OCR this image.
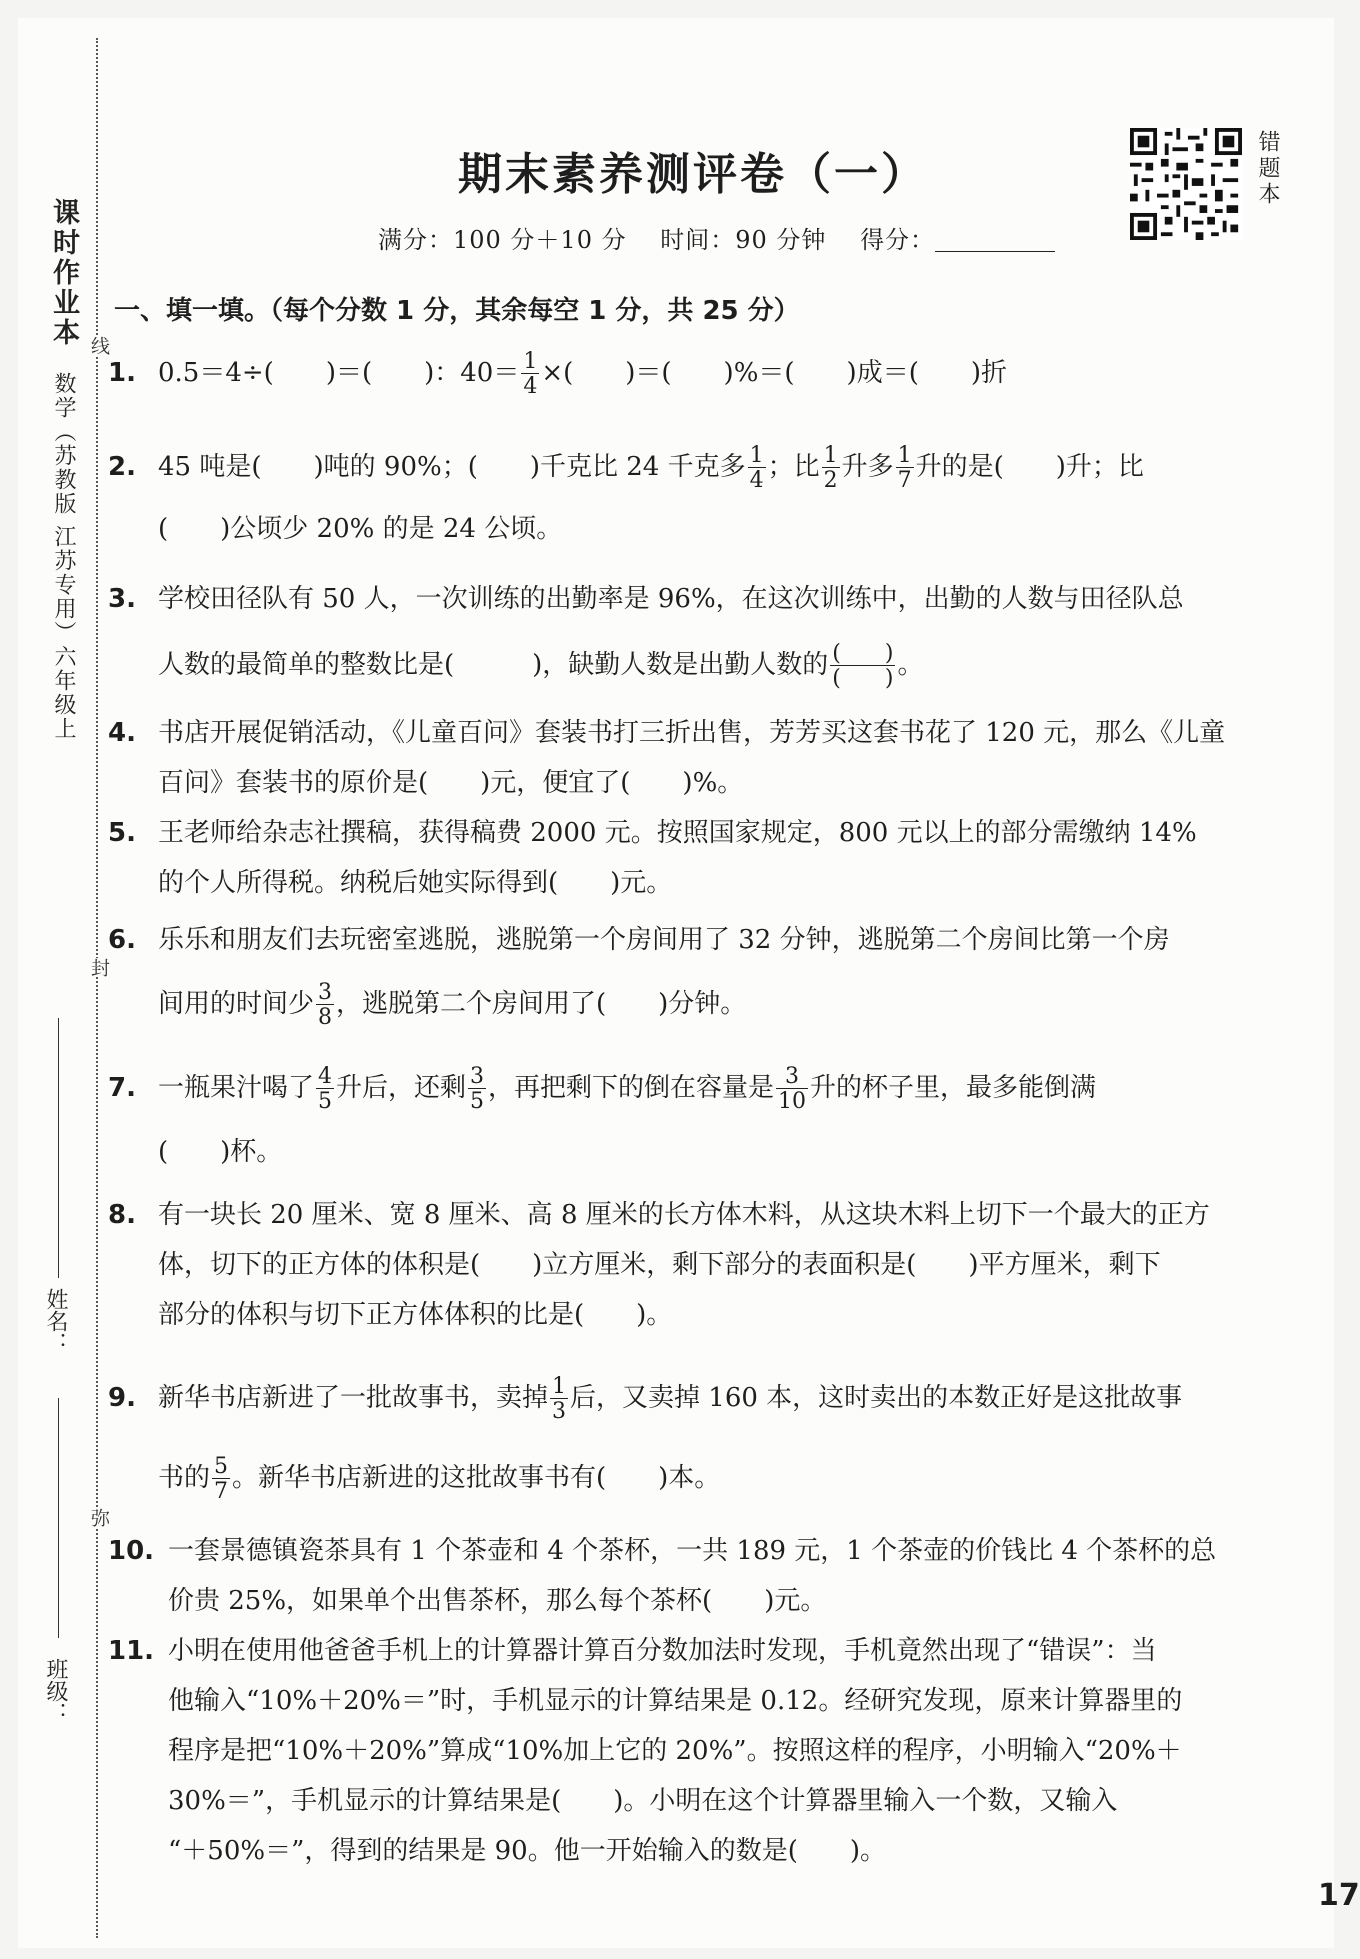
课时作业本　数学（苏教版 江苏专用）六年级上
线
封
弥
姓名：
班级：
期末素养测评卷（一）
满分：100 分＋10 分　 时间：90 分钟　 得分：
错题本
一、填一填。（每个分数 1 分，其余每空 1 分，共 25 分）
1. 0.5＝4÷(　　)＝(　　)：$40= \frac{1}{4}$ ×(　　)＝(　　)%＝(　　)成＝(　　)折
2. 45 吨是(　　)吨的 90%；(　　)千克比 24 千克多 $\frac{1}{4}$ ；比 $\frac{1}{2}$ 升多 $\frac{1}{7}$ 升的是(　　)升；比
(　　)公顷少 20% 的是 24 公顷。
3. 学校田径队有 50 人，一次训练的出勤率是 96%，在这次训练中，出勤的人数与田径队总
人数的最简单的整数比是(　　　)，缺勤人数是出勤人数的 $\frac{( )}{( )}$ 。
4. 书店开展促销活动，《儿童百问》套装书打三折出售，芳芳买这套书花了 120 元，那么《儿童
百问》套装书的原价是(　　)元，便宜了(　　)%。
5. 王老师给杂志社撰稿，获得稿费 2000 元。按照国家规定，800 元以上的部分需缴纳 14%
的个人所得税。纳税后她实际得到(　　)元。
6. 乐乐和朋友们去玩密室逃脱，逃脱第一个房间用了 32 分钟，逃脱第二个房间比第一个房
间用的时间少 $\frac{3}{8}$ ，逃脱第二个房间用了(　　)分钟。
7. 一瓶果汁喝了 $\frac{4}{5}$ 升后，还剩 $\frac{3}{5}$ ，再把剩下的倒在容量是 $\frac{3}{10}$ 升的杯子里，最多能倒满
(　　)杯。
8. 有一块长 20 厘米、宽 8 厘米、高 8 厘米的长方体木料，从这块木料上切下一个最大的正方
体，切下的正方体的体积是(　　)立方厘米，剩下部分的表面积是(　　)平方厘米，剩下
部分的体积与切下正方体体积的比是(　　)。
9. 新华书店新进了一批故事书，卖掉 $\frac{1}{3}$ 后，又卖掉 160 本，这时卖出的本数正好是这批故事
书的 $\frac{5}{7}$ 。新华书店新进的这批故事书有(　　)本。
10. 一套景德镇瓷茶具有 1 个茶壶和 4 个茶杯，一共 189 元，1 个茶壶的价钱比 4 个茶杯的总
价贵 25%，如果单个出售茶杯，那么每个茶杯(　　)元。
11. 小明在使用他爸爸手机上的计算器计算百分数加法时发现，手机竟然出现了“错误”：当
他输入“10%＋20%＝”时，手机显示的计算结果是 0.12。经研究发现，原来计算器里的
程序是把“10%＋20%”算成“10%加上它的 20%”。按照这样的程序，小明输入“20%＋
30%＝”，手机显示的计算结果是(　　)。小明在这个计算器里输入一个数，又输入
“＋50%＝”，得到的结果是 90。他一开始输入的数是(　　)。
17
